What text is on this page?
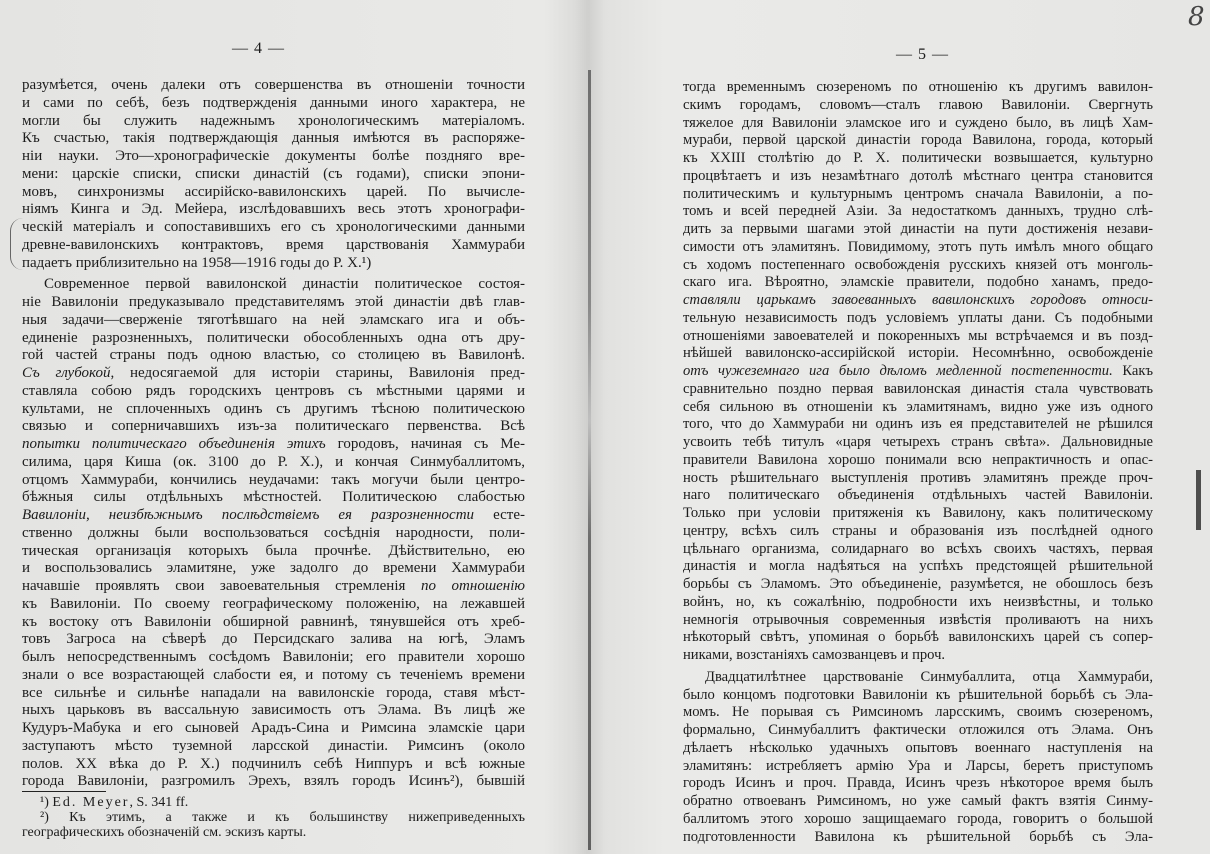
8
— 4 —	— 5 —
разумѣется, очень далеки отъ совершенства въ отношеніи точности
и сами по себѣ, безъ подтвержденія данными иного характера, не
могли бы служить надежнымъ хронологическимъ матеріаломъ.
Къ счастью, такія подтверждающія данныя имѣются въ распоряже-
ніи науки. Это—хронографическіе документы болѣе поздняго вре-
мени: царскіе списки, списки династій (съ годами), списки эпони-
мовъ, синхронизмы ассирійско-вавилонскихъ царей. По вычисле-
ніямъ Кинга и Эд. Мейера, изслѣдовавшихъ весь этотъ хронографи-
ческій матеріалъ и сопоставившихъ его съ хронологическими данными
древне-вавилонскихъ контрактовъ, время царствованія Хаммураби
падаетъ приблизительно на 1958—1916 годы до Р. Х.¹)
Современное первой вавилонской династіи политическое состоя-
ніе Вавилоніи предуказывало представителямъ этой династіи двѣ глав-
ныя задачи—сверженіе тяготѣвшаго на ней эламскаго ига и объ-
единеніе разрозненныхъ, политически обособленныхъ одна отъ дру-
гой частей страны подъ одною властью, со столицею въ Вавилонѣ.
Съ глубокой, недосягаемой для исторіи старины, Вавилонія пред-
ставляла собою рядъ городскихъ центровъ съ мѣстными царями и
культами, не сплоченныхъ одинъ съ другимъ тѣсною политическою
связью и соперничавшихъ изъ-за политическаго первенства. Всѣ
попытки политическаго объединенія этихъ городовъ, начиная съ Ме-
силима, царя Киша (ок. 3100 до Р. Х.), и кончая Синмубаллитомъ,
отцомъ Хаммураби, кончились неудачами: такъ могучи были центро-
бѣжныя силы отдѣльныхъ мѣстностей. Политическою слабостью
Вавилоніи, неизбѣжнымъ послѣдствіемъ ея разрозненности есте-
ственно должны были воспользоваться сосѣднія народности, поли-
тическая организація которыхъ была прочнѣе. Дѣйствительно, ею
и воспользовались эламитяне, уже задолго до времени Хаммураби
начавшіе проявлять свои завоевательныя стремленія по отношенію
къ Вавилоніи. По своему географическому положенію, на лежавшей
къ востоку отъ Вавилоніи обширной равнинѣ, тянувшейся отъ хреб-
товъ Загроса на сѣверѣ до Персидскаго залива на югѣ, Эламъ
былъ непосредственнымъ сосѣдомъ Вавилоніи; его правители хорошо
знали о все возрастающей слабости ея, и потому съ теченіемъ времени
все сильнѣе и сильнѣе нападали на вавилонскіе города, ставя мѣст-
ныхъ царьковъ въ вассальную зависимость отъ Элама. Въ лицѣ же
Кудуръ-Мабука и его сыновей Арадъ-Сина и Римсина эламскіе цари
заступаютъ мѣсто туземной ларсской династіи. Римсинъ (около
полов. XX вѣка до Р. Х.) подчинилъ себѣ Ниппуръ и всѣ южные
города Вавилоніи, разгромилъ Эрехъ, взялъ городъ Исинъ²), бывшій
тогда временнымъ сюзереномъ по отношенію къ другимъ вавилон-
скимъ городамъ, словомъ—сталъ главою Вавилоніи. Свергнуть
тяжелое для Вавилоніи эламское иго и суждено было, въ лицѣ Хам-
мураби, первой царской династіи города Вавилона, города, который
къ XXIII столѣтію до Р. Х. политически возвышается, культурно
процвѣтаетъ и изъ незамѣтнаго дотолѣ мѣстнаго центра становится
политическимъ и культурнымъ центромъ сначала Вавилоніи, а по-
томъ и всей передней Азіи. За недостаткомъ данныхъ, трудно слѣ-
дить за первыми шагами этой династіи на пути достиженія незави-
симости отъ эламитянъ. Повидимому, этотъ путь имѣлъ много общаго
съ ходомъ постепеннаго освобожденія русскихъ князей отъ монголь-
скаго ига. Вѣроятно, эламскіе правители, подобно ханамъ, предо-
ставляли царькамъ завоеванныхъ вавилонскихъ городовъ относи-
тельную независимость подъ условіемъ уплаты дани. Съ подобными
отношеніями завоевателей и покоренныхъ мы встрѣчаемся и въ позд-
нѣйшей вавилонско-ассирійской исторіи. Несомнѣнно, освобожденіе
отъ чужеземнаго ига было дѣломъ медленной постепенности. Какъ
сравнительно поздно первая вавилонская династія стала чувствовать
себя сильною въ отношеніи къ эламитянамъ, видно уже изъ одного
того, что до Хаммураби ни одинъ изъ ея представителей не рѣшился
усвоить тебѣ титулъ «царя четырехъ странъ свѣта». Дальновидные
правители Вавилона хорошо понимали всю непрактичность и опас-
ность рѣшительнаго выступленія противъ эламитянъ прежде проч-
наго политическаго объединенія отдѣльныхъ частей Вавилоніи.
Только при условіи притяженія къ Вавилону, какъ политическому
центру, всѣхъ силъ страны и образованія изъ послѣдней одного
цѣльнаго организма, солидарнаго во всѣхъ своихъ частяхъ, первая
династія и могла надѣяться на успѣхъ предстоящей рѣшительной
борьбы съ Эламомъ. Это объединеніе, разумѣется, не обошлось безъ
войнъ, но, къ сожалѣнію, подробности ихъ неизвѣстны, и только
немногія отрывочныя современныя извѣстія проливаютъ на нихъ
нѣкоторый свѣтъ, упоминая о борьбѣ вавилонскихъ царей съ сопер-
никами, возстаніяхъ самозванцевъ и проч.
Двадцатилѣтнее царствованіе Синмубаллита, отца Хаммураби,
было концомъ подготовки Вавилоніи къ рѣшительной борьбѣ съ Эла-
момъ. Не порывая съ Римсиномъ ларсскимъ, своимъ сюзереномъ,
формально, Синмубаллитъ фактически отложился отъ Элама. Онъ
дѣлаетъ нѣсколько удачныхъ опытовъ военнаго наступленія на
эламитянъ: истребляетъ армію Ура и Ларсы, беретъ приступомъ
городъ Исинъ и проч. Правда, Исинъ чрезъ нѣкоторое время былъ
обратно отвоеванъ Римсиномъ, но уже самый фактъ взятія Синму-
баллитомъ этого хорошо защищаемаго города, говоритъ о большой
подготовленности Вавилона къ рѣшительной борьбѣ съ Эла-
¹) Ed. Meyer, S. 341 ff.
²) Къ этимъ, а также и къ большинству нижеприведенныхъ
географическихъ обозначеній см. эскизъ карты.
